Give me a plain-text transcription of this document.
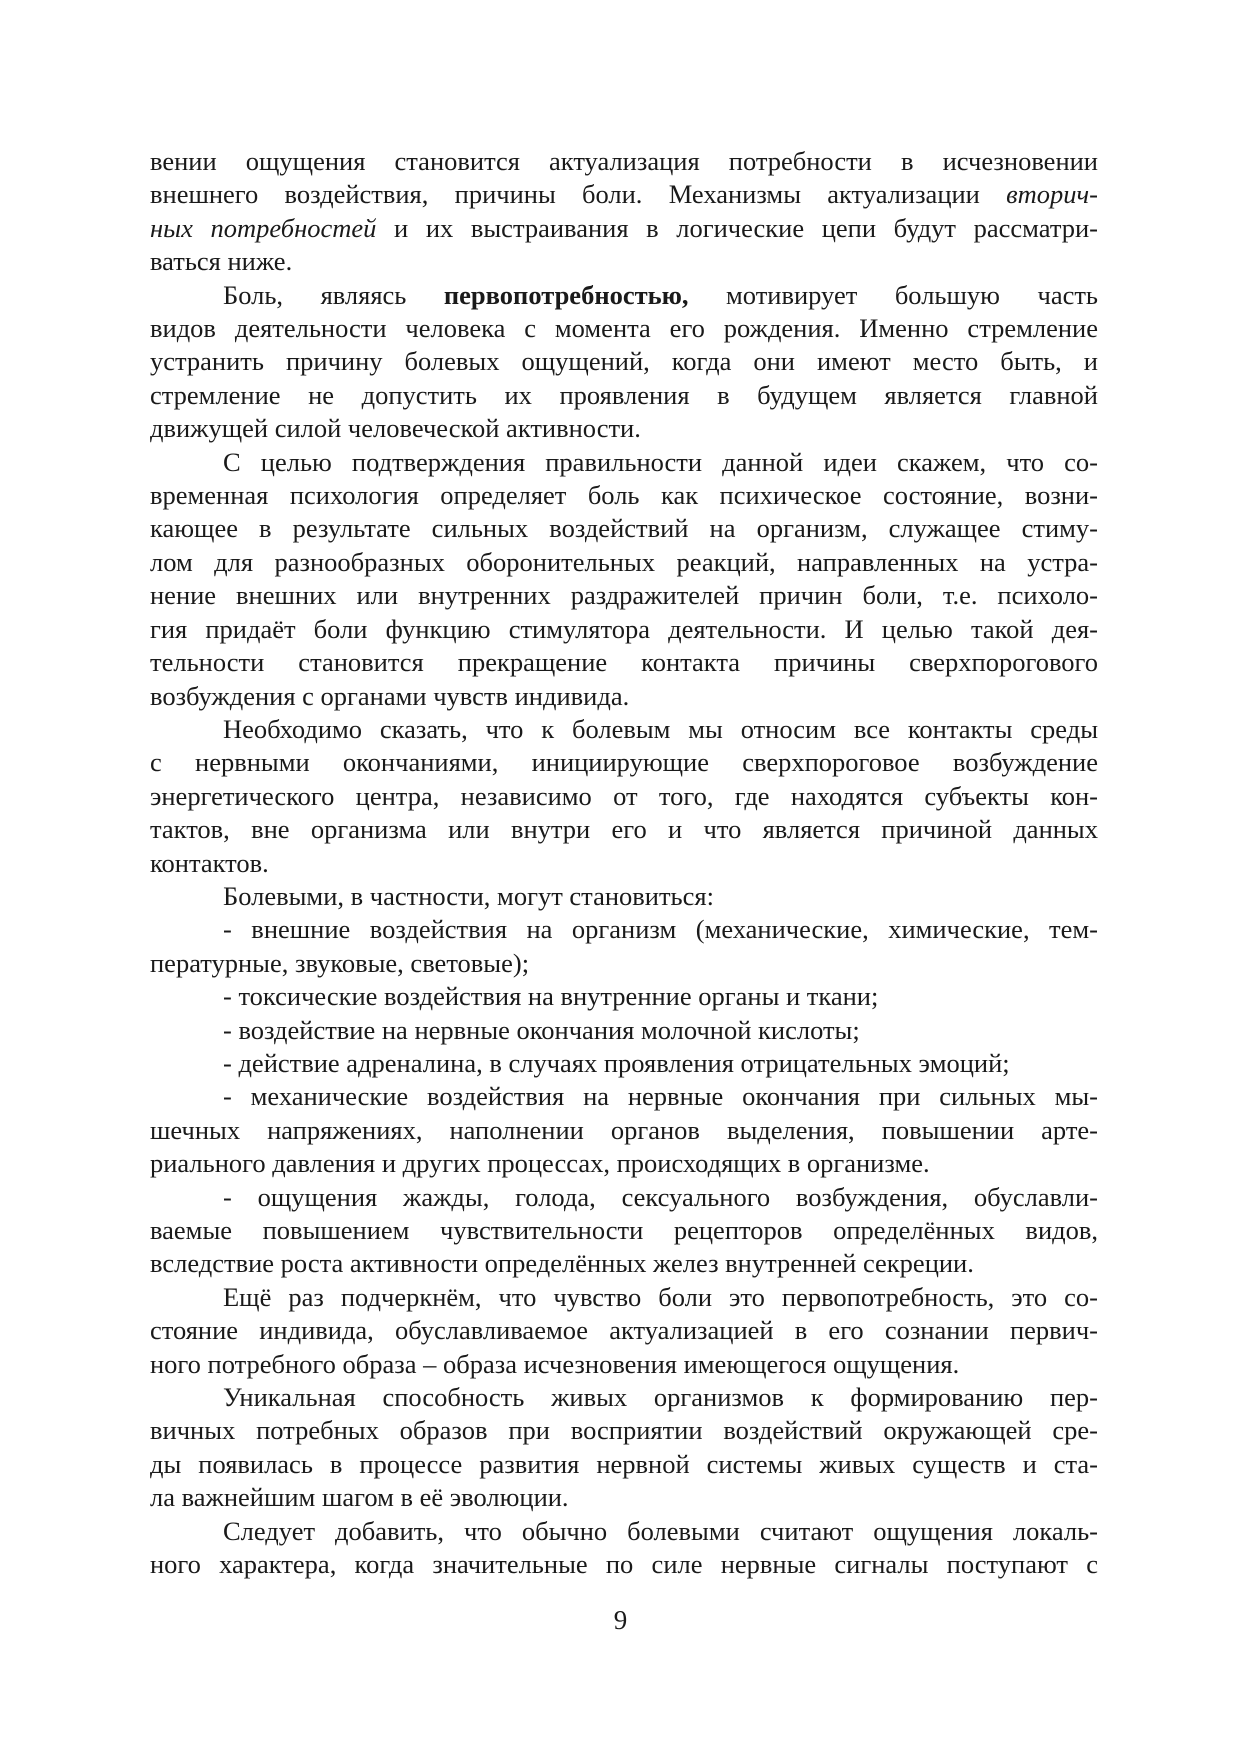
вении ощущения становится актуализация потребности в исчезновении
внешнего воздействия, причины боли. Механизмы актуализации вторич-
ных потребностей и их выстраивания в логические цепи будут рассматри-
ваться ниже.

Боль, являясь первопотребностью, мотивирует большую часть
видов деятельности человека с момента его рождения. Именно стремление
устранить причину болевых ощущений, когда они имеют место быть, и
стремление не допустить их проявления в будущем является главной
движущей силой человеческой активности.

С целью подтверждения правильности данной идеи скажем, что со-
временная психология определяет боль как психическое состояние, возни-
кающее в результате сильных воздействий на организм, служащее стиму-
лом для разнообразных оборонительных реакций, направленных на устра-
нение внешних или внутренних раздражителей причин боли, т.е. психоло-
гия придаёт боли функцию стимулятора деятельности. И целью такой дея-
тельности становится прекращение контакта причины сверхпорогового
возбуждения с органами чувств индивида.

Необходимо сказать, что к болевым мы относим все контакты среды
с нервными окончаниями, инициирующие сверхпороговое возбуждение
энергетического центра, независимо от того, где находятся субъекты кон-
тактов, вне организма или внутри его и что является причиной данных
контактов.

Болевыми, в частности, могут становиться:

- внешние воздействия на организм (механические, химические, тем-
пературные, звуковые, световые);

- токсические воздействия на внутренние органы и ткани;

- воздействие на нервные окончания молочной кислоты;

- действие адреналина, в случаях проявления отрицательных эмоций;

- механические воздействия на нервные окончания при сильных мы-
шечных напряжениях, наполнении органов выделения, повышении арте-
риального давления и других процессах, происходящих в организме.

- ощущения жажды, голода, сексуального возбуждения, обуславли-
ваемые повышением чувствительности рецепторов определённых видов,
вследствие роста активности определённых желез внутренней секреции.

Ещё раз подчеркнём, что чувство боли это первопотребность, это со-
стояние индивида, обуславливаемое актуализацией в его сознании первич-
ного потребного образа – образа исчезновения имеющегося ощущения.

Уникальная способность живых организмов к формированию пер-
вичных потребных образов при восприятии воздействий окружающей сре-
ды появилась в процессе развития нервной системы живых существ и ста-
ла важнейшим шагом в её эволюции.

Следует добавить, что обычно болевыми считают ощущения локаль-
ного характера, когда значительные по силе нервные сигналы поступают с

9
